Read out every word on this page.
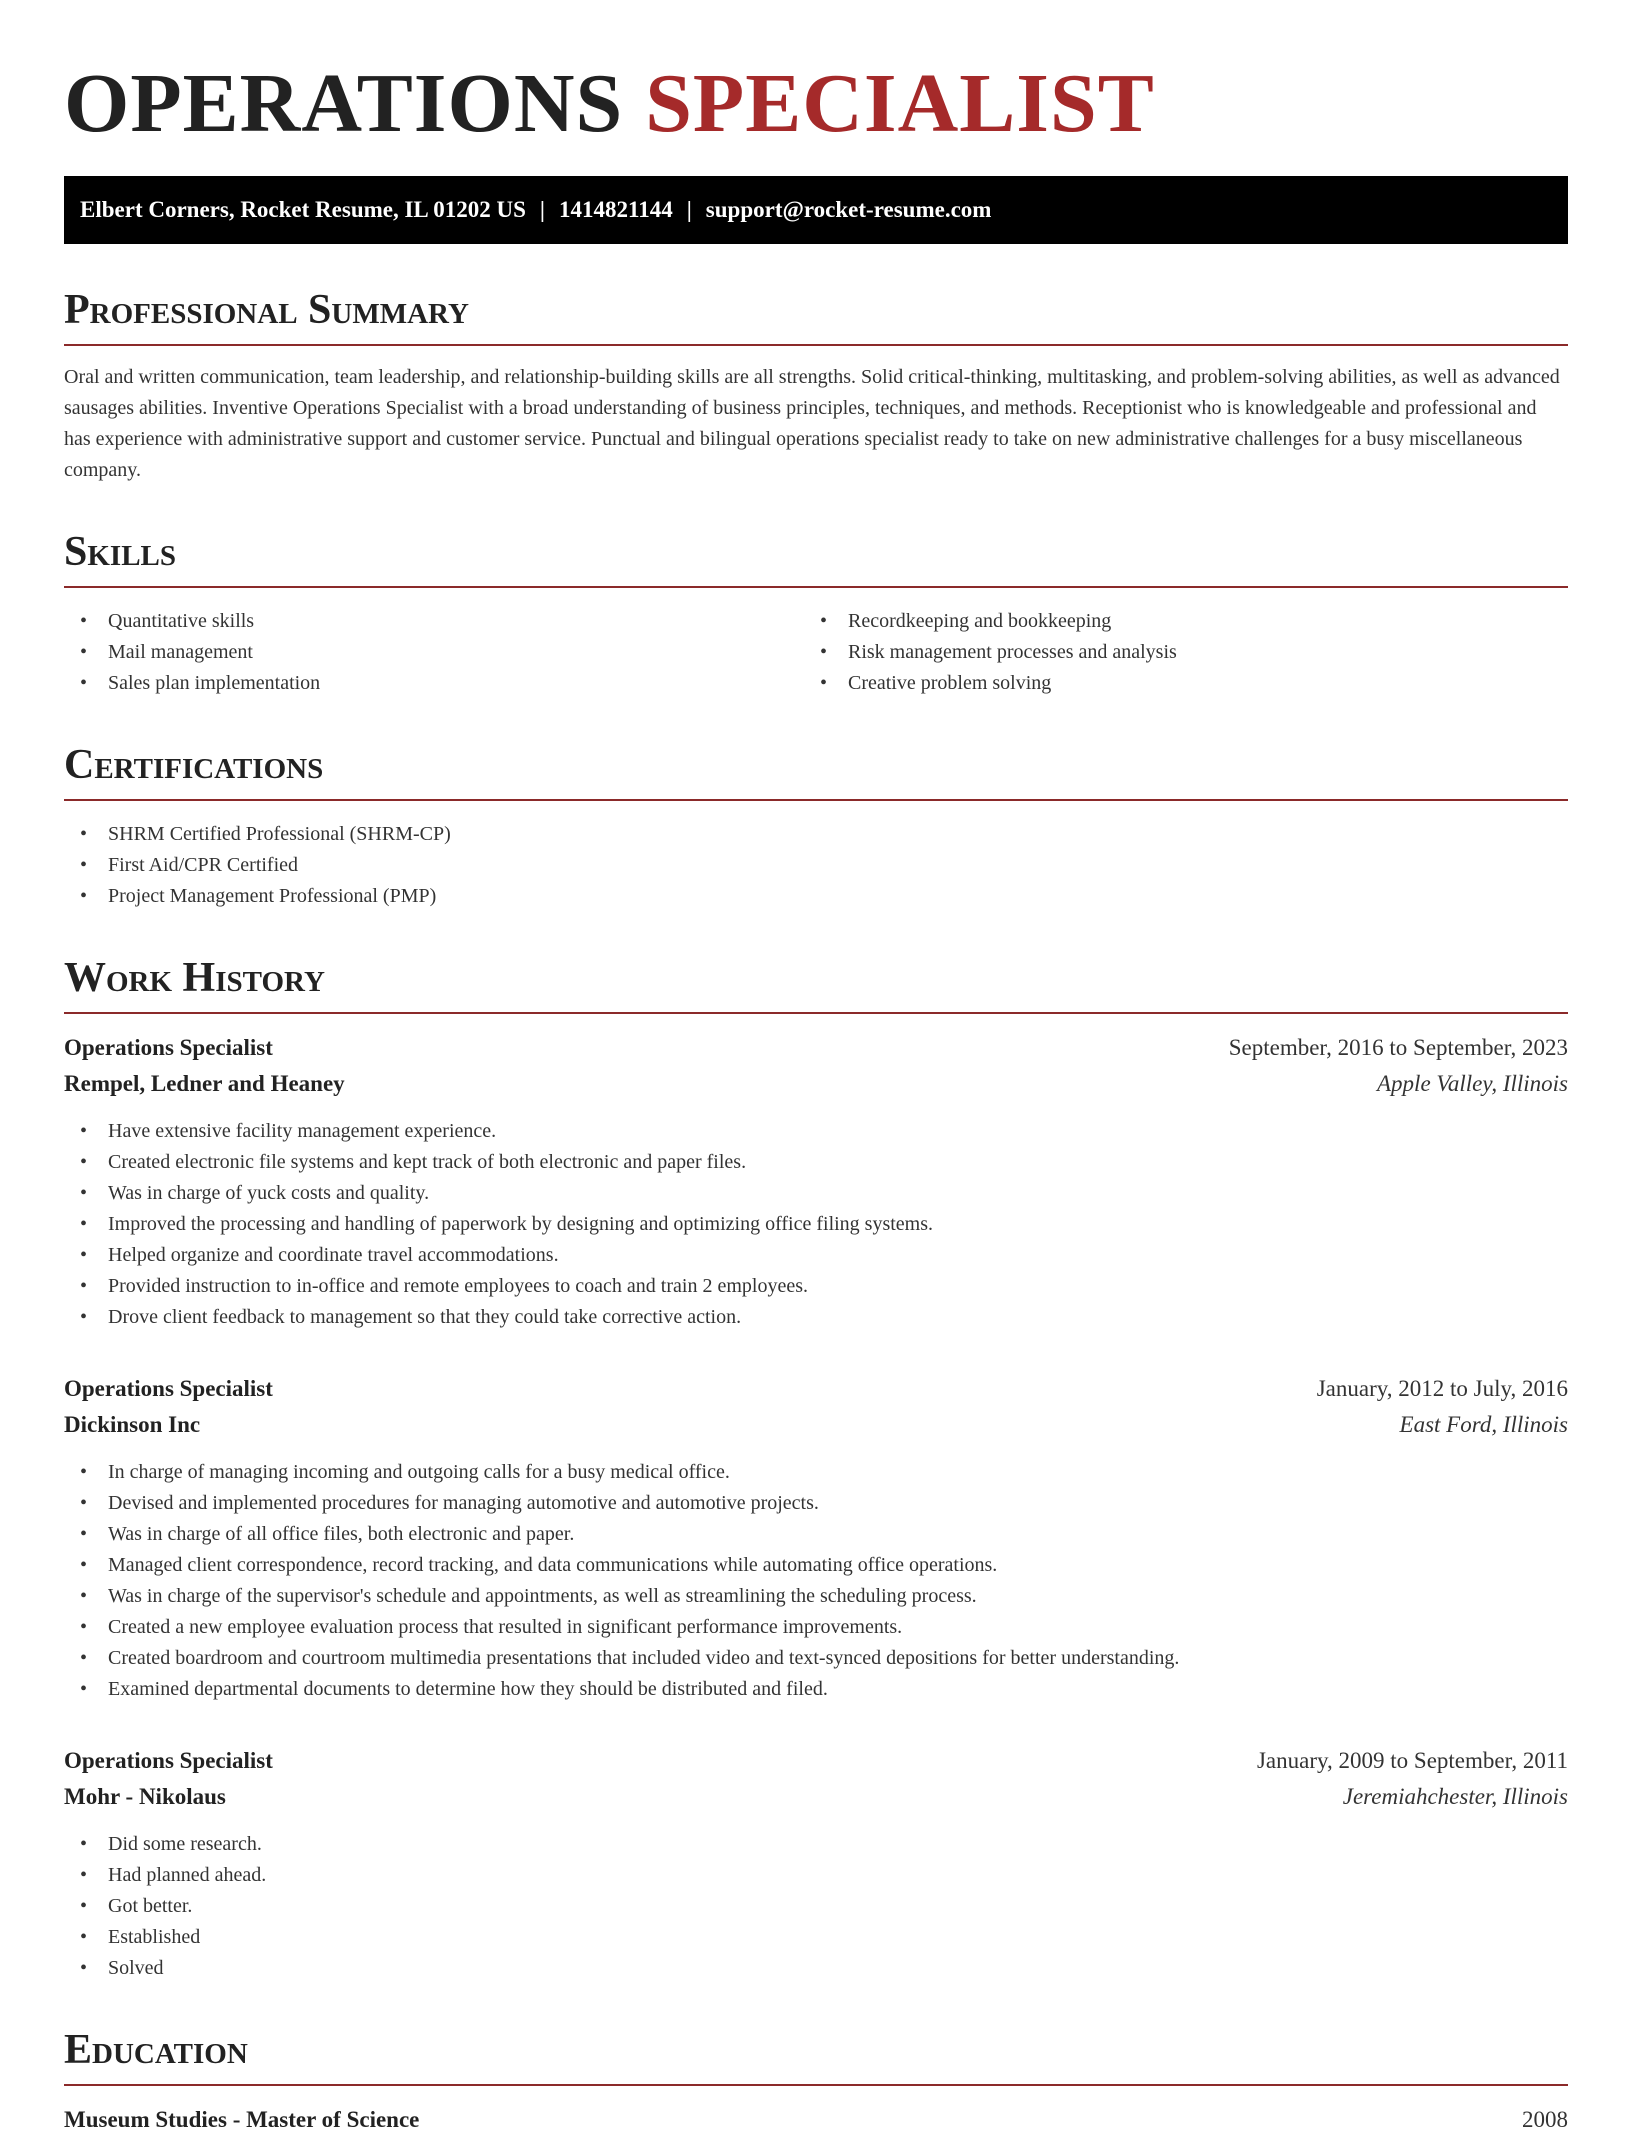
OPERATIONS SPECIALIST
Elbert Corners, Rocket Resume, IL 01202 US | 1414821144 | support@rocket-resume.com
Professional Summary

Oral and written communication, team leadership, and relationship-building skills are all strengths. Solid critical-thinking, multitasking, and problem-solving abilities, as well as advanced sausages abilities. Inventive Operations Specialist with a broad understanding of business principles, techniques, and methods. Receptionist who is knowledgeable and professional and has experience with administrative support and customer service. Punctual and bilingual operations specialist ready to take on new administrative challenges for a busy miscellaneous company.

Skills
• Quantitative skills
• Mail management
• Sales plan implementation
• Recordkeeping and bookkeeping
• Risk management processes and analysis
• Creative problem solving
Certifications
• SHRM Certified Professional (SHRM-CP)
• First Aid/CPR Certified
• Project Management Professional (PMP)
Work History
Operations Specialist	September, 2016 to September, 2023
Rempel, Ledner and Heaney	Apple Valley, Illinois
• Have extensive facility management experience.
• Created electronic file systems and kept track of both electronic and paper files.
• Was in charge of yuck costs and quality.
• Improved the processing and handling of paperwork by designing and optimizing office filing systems.
• Helped organize and coordinate travel accommodations.
• Provided instruction to in-office and remote employees to coach and train 2 employees.
• Drove client feedback to management so that they could take corrective action.
Operations Specialist	January, 2012 to July, 2016
Dickinson Inc	East Ford, Illinois
• In charge of managing incoming and outgoing calls for a busy medical office.
• Devised and implemented procedures for managing automotive and automotive projects.
• Was in charge of all office files, both electronic and paper.
• Managed client correspondence, record tracking, and data communications while automating office operations.
• Was in charge of the supervisor's schedule and appointments, as well as streamlining the scheduling process.
• Created a new employee evaluation process that resulted in significant performance improvements.
• Created boardroom and courtroom multimedia presentations that included video and text-synced depositions for better understanding.
• Examined departmental documents to determine how they should be distributed and filed.
Operations Specialist	January, 2009 to September, 2011
Mohr - Nikolaus	Jeremiahchester, Illinois
• Did some research.
• Had planned ahead.
• Got better.
• Established
• Solved
Education
Museum Studies - Master of Science	2008
